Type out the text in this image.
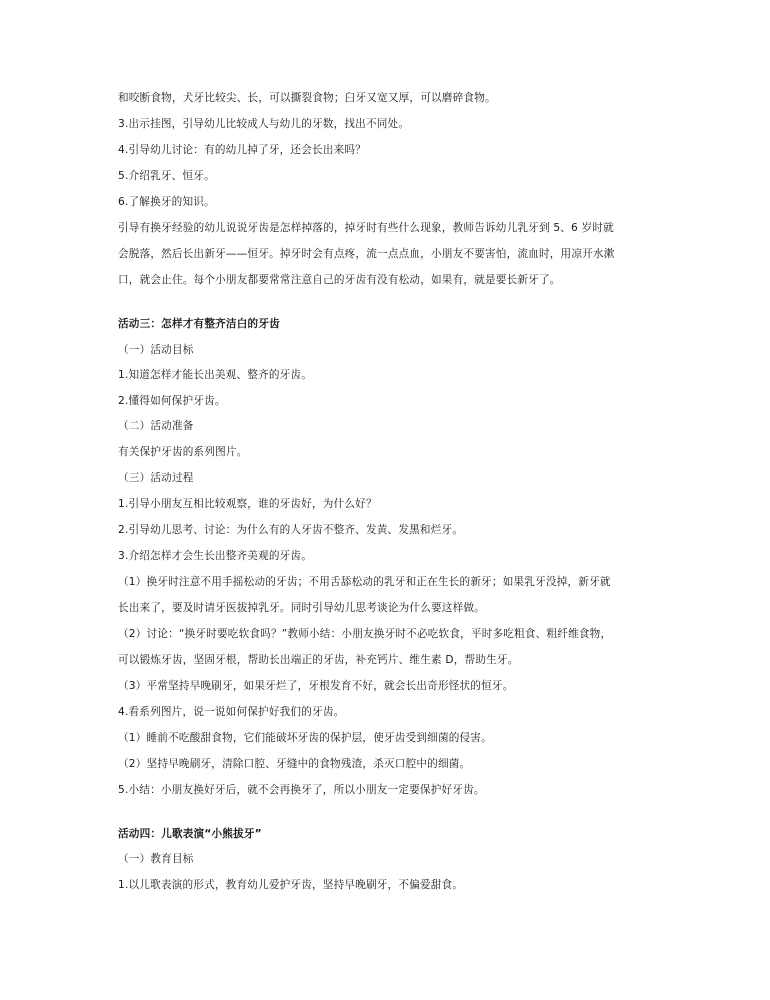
和咬断食物，犬牙比较尖、长，可以撕裂食物；臼牙又宽又厚，可以磨碎食物。
3.出示挂图，引导幼儿比较成人与幼儿的牙数，找出不同处。
4.引导幼儿讨论：有的幼儿掉了牙，还会长出来吗？
5.介绍乳牙、恒牙。
6.了解换牙的知识。
引导有换牙经验的幼儿说说牙齿是怎样掉落的，掉牙时有些什么现象，教师告诉幼儿乳牙到 5、6 岁时就
会脱落，然后长出新牙——恒牙。掉牙时会有点疼，流一点点血，小朋友不要害怕，流血时，用凉开水漱
口，就会止住。每个小朋友都要常常注意自己的牙齿有没有松动，如果有，就是要长新牙了。
活动三：怎样才有整齐洁白的牙齿
（一）活动目标
1.知道怎样才能长出美观、整齐的牙齿。
2.懂得如何保护牙齿。
（二）活动准备
有关保护牙齿的系列图片。
（三）活动过程
1.引导小朋友互相比较观察，谁的牙齿好，为什么好？
2.引导幼儿思考、讨论：为什么有的人牙齿不整齐、发黄、发黑和烂牙。
3.介绍怎样才会生长出整齐美观的牙齿。
（1）换牙时注意不用手摇松动的牙齿；不用舌舔松动的乳牙和正在生长的新牙；如果乳牙没掉，新牙就
长出来了，要及时请牙医拔掉乳牙。同时引导幼儿思考谈论为什么要这样做。
（2）讨论：“换牙时要吃软食吗？”教师小结：小朋友换牙时不必吃软食，平时多吃粗食、粗纤维食物，
可以锻炼牙齿，坚固牙根，帮助长出端正的牙齿，补充钙片、维生素 D，帮助生牙。
（3）平常坚持早晚刷牙，如果牙烂了，牙根发育不好，就会长出奇形怪状的恒牙。
4.看系列图片，说一说如何保护好我们的牙齿。
（1）睡前不吃酸甜食物，它们能破坏牙齿的保护层，使牙齿受到细菌的侵害。
（2）坚持早晚刷牙，清除口腔、牙缝中的食物残渣，杀灭口腔中的细菌。
5.小结：小朋友换好牙后，就不会再换牙了，所以小朋友一定要保护好牙齿。
活动四：儿歌表演“小熊拔牙”
（一）教育目标
1.以儿歌表演的形式，教育幼儿爱护牙齿，坚持早晚刷牙，不偏爱甜食。
